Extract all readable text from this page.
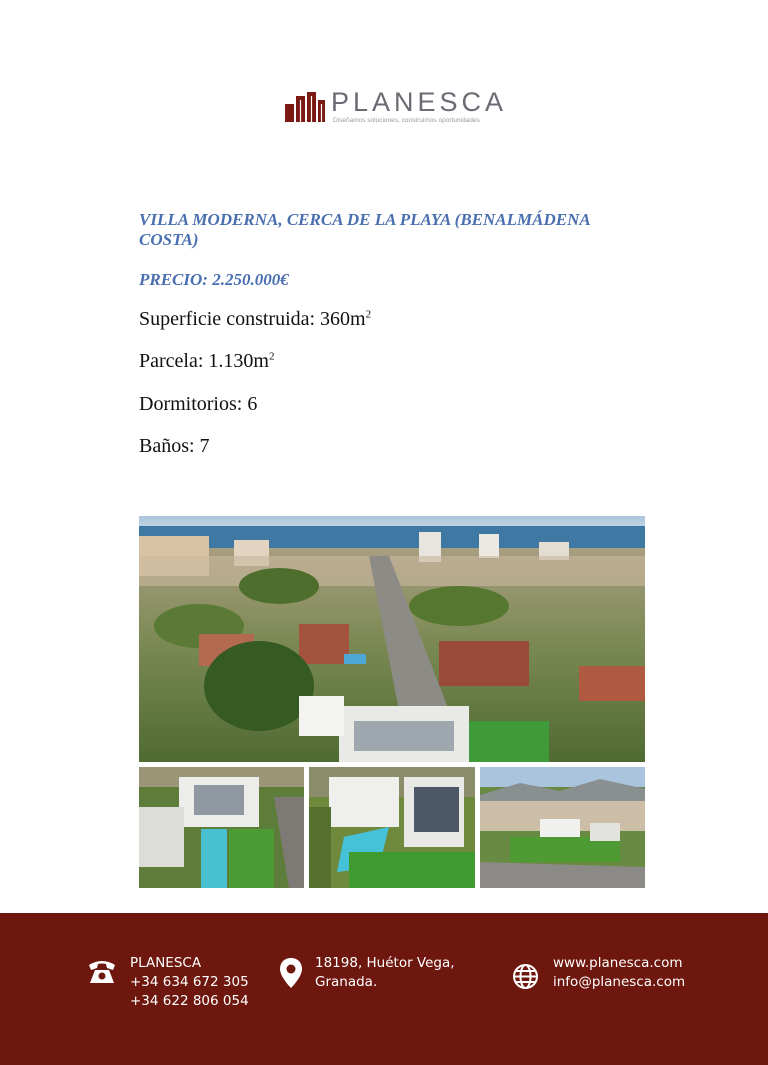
PLANESCA
Diseñamos soluciones, construimos oportunidades
VILLA MODERNA, CERCA DE LA PLAYA (BENALMÁDENA COSTA)
PRECIO: 2.250.000€
Superficie construida: $360m^2$
Parcela: $1.130m^2$
Dormitorios: 6
Baños: 7
PLANESCA
+34 634 672 305
+34 622 806 054
18198, Huétor Vega,
Granada.
www.planesca.com
info@planesca.com
